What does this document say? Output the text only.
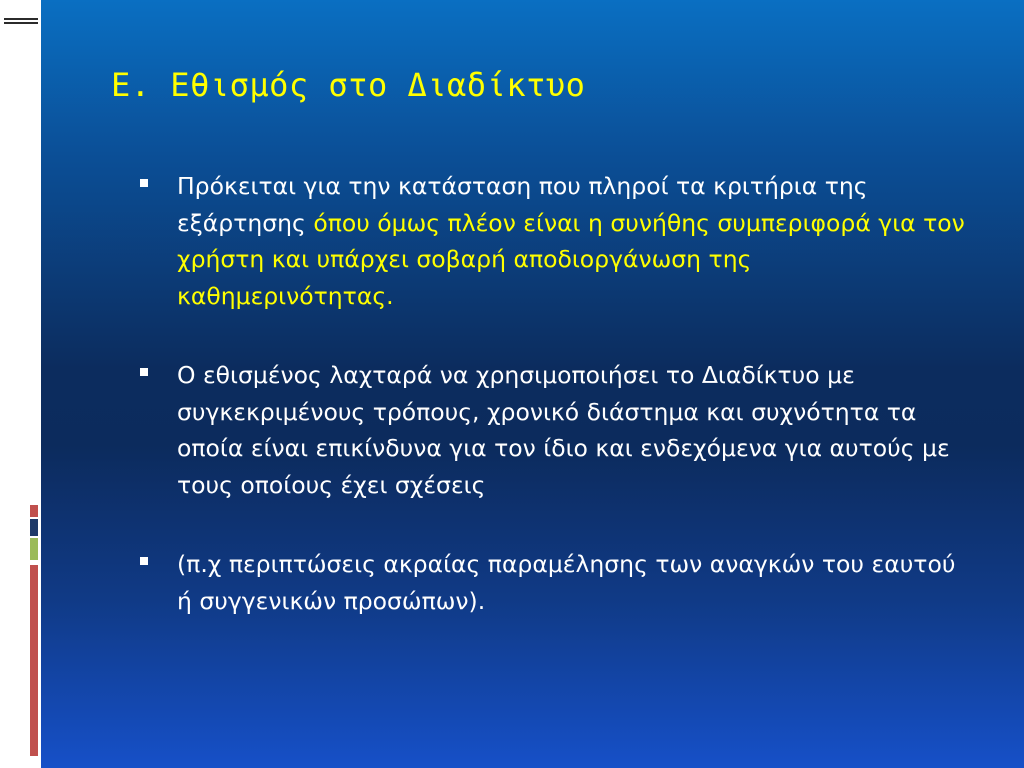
Ε. Εθισμός στο Διαδίκτυο
Πρόκειται για την κατάσταση που πληροί τα κριτήρια της εξάρτησης όπου όμως πλέον είναι η συνήθης συμπεριφορά για τον χρήστη και υπάρχει σοβαρή αποδιοργάνωση της καθημερινότητας.
Ο εθισμένος λαχταρά να χρησιμοποιήσει το Διαδίκτυο με συγκεκριμένους τρόπους, χρονικό διάστημα και συχνότητα τα οποία είναι επικίνδυνα για τον ίδιο και ενδεχόμενα για αυτούς με τους οποίους έχει σχέσεις
(π.χ περιπτώσεις ακραίας παραμέλησης των αναγκών του εαυτού ή συγγενικών προσώπων).
